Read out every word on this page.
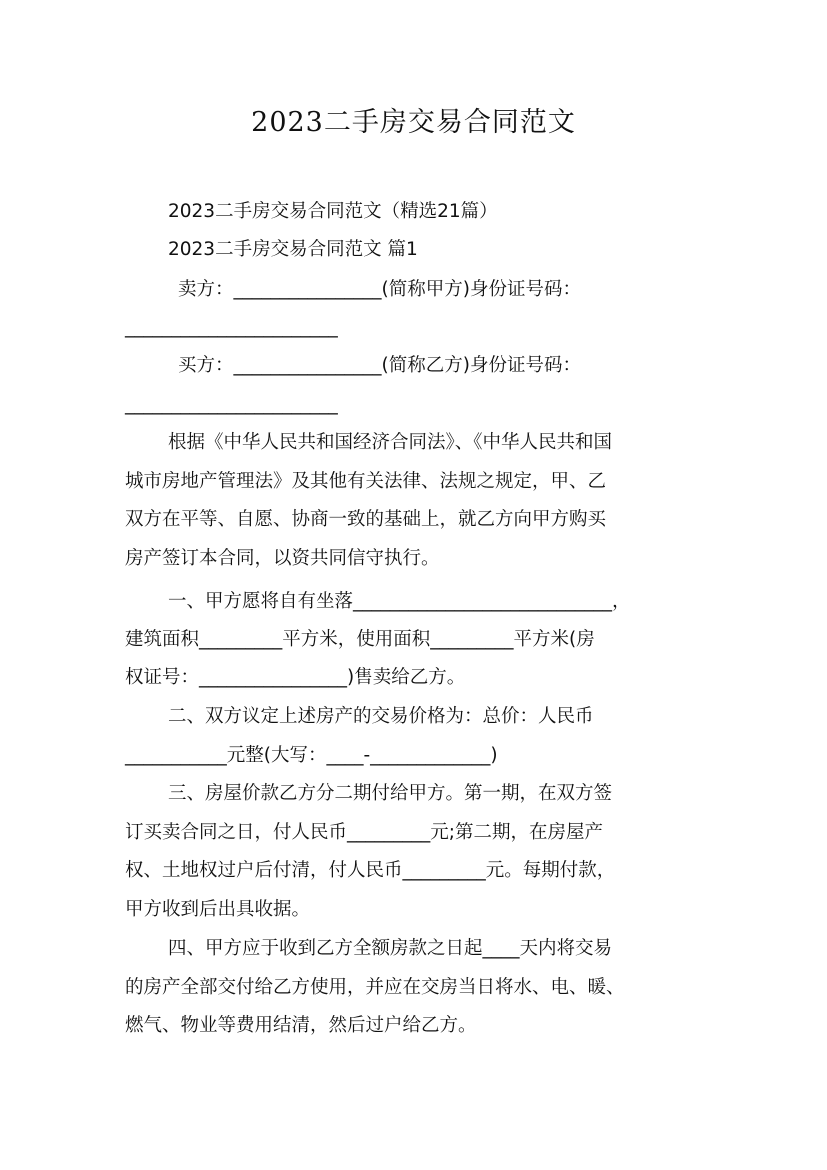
2023二手房交易合同范文
2023二手房交易合同范文（精选21篇）
2023二手房交易合同范文 篇1
卖方：________________(简称甲方)身份证号码：
_______________________
买方：________________(简称乙方)身份证号码：
_______________________
根据《中华人民共和国经济合同法》、《中华人民共和国
城市房地产管理法》及其他有关法律、法规之规定，甲、乙
双方在平等、自愿、协商一致的基础上，就乙方向甲方购买
房产签订本合同，以资共同信守执行。
一、甲方愿将自有坐落____________________________，
建筑面积_________平方米，使用面积_________平方米(房
权证号：________________)售卖给乙方。
二、双方议定上述房产的交易价格为：总价：人民币
___________元整(大写：____-_____________)
三、房屋价款乙方分二期付给甲方。第一期，在双方签
订买卖合同之日，付人民币_________元;第二期，在房屋产
权、土地权过户后付清，付人民币_________元。每期付款，
甲方收到后出具收据。
四、甲方应于收到乙方全额房款之日起____天内将交易
的房产全部交付给乙方使用，并应在交房当日将水、电、暖、
燃气、物业等费用结清，然后过户给乙方。
